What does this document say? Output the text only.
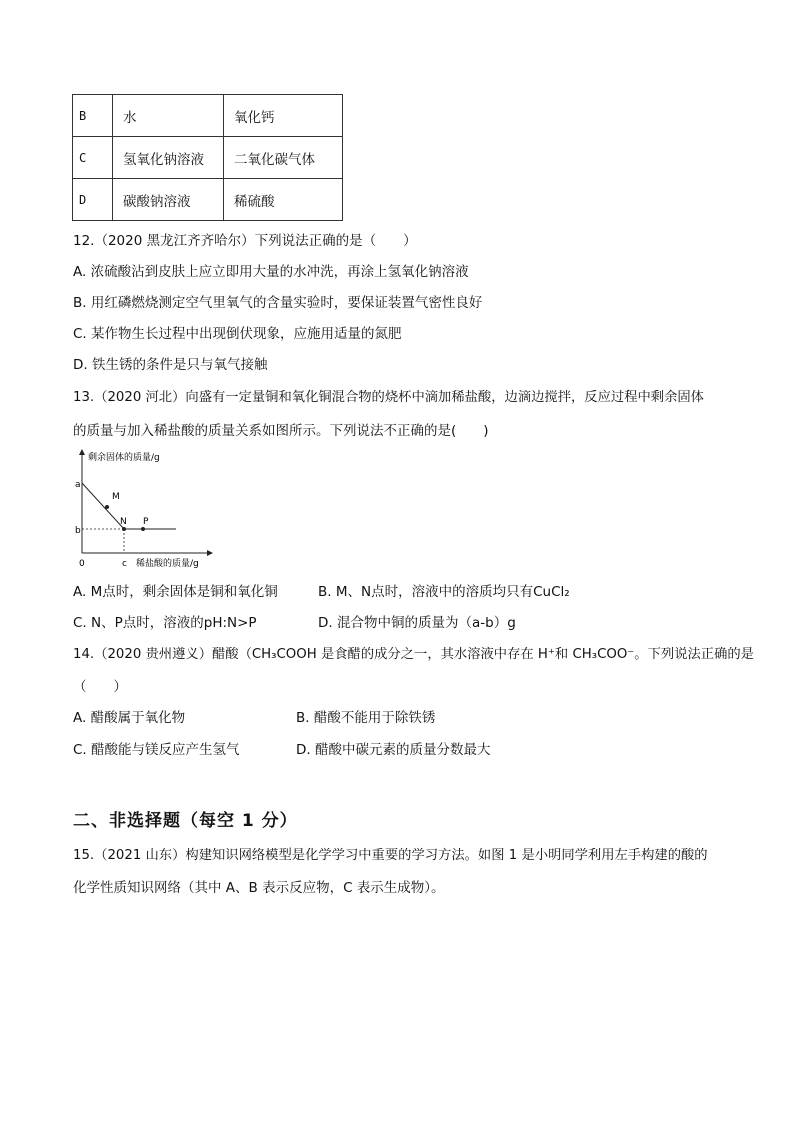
B	水	氧化钙
C	氢氧化钠溶液	二氧化碳气体
D	碳酸钠溶液	稀硫酸
12.（2020 黑龙江齐齐哈尔）下列说法正确的是（　　）
A. 浓硫酸沾到皮肤上应立即用大量的水冲洗，再涂上氢氧化钠溶液
B. 用红磷燃烧测定空气里氧气的含量实验时，要保证装置气密性良好
C. 某作物生长过程中出现倒伏现象，应施用适量的氮肥
D. 铁生锈的条件是只与氧气接触
13.（2020 河北）向盛有一定量铜和氧化铜混合物的烧杯中滴加稀盐酸，边滴边搅拌，反应过程中剩余固体
的质量与加入稀盐酸的质量关系如图所示。下列说法不正确的是(　　)
剩余固体的质量/g
稀盐酸的质量/g
0
a
b
c
M
N P
A. M点时，剩余固体是铜和氧化铜	B. M、N点时，溶液中的溶质均只有CuCl₂
C. N、P点时，溶液的pH:N>P	D. 混合物中铜的质量为（a-b）g
14.（2020 贵州遵义）醋酸（CH₃COOH 是食醋的成分之一，其水溶液中存在 H⁺和 CH₃COO⁻。下列说法正确的是
（　　）
A. 醋酸属于氧化物	B. 醋酸不能用于除铁锈
C. 醋酸能与镁反应产生氢气	D. 醋酸中碳元素的质量分数最大
二、非选择题（每空 1 分）
15.（2021 山东）构建知识网络模型是化学学习中重要的学习方法。如图 1 是小明同学利用左手构建的酸的
化学性质知识网络（其中 A、B 表示反应物，C 表示生成物）。
